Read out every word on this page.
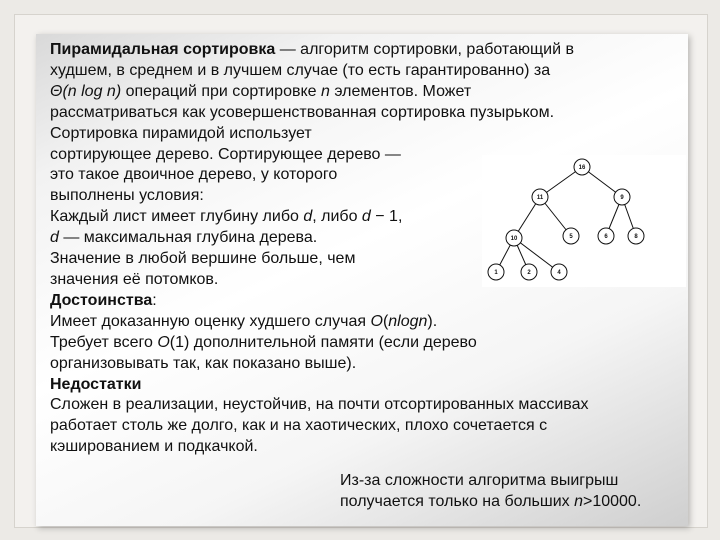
Пирамидальная сортировка — алгоритм сортировки, работающий в
худшем, в среднем и в лучшем случае (то есть гарантированно) за
Θ(n log n) операций при сортировке n элементов. Может
рассматриваться как усовершенствованная сортировка пузырьком.
Сортировка пирамидой использует
сортирующее дерево. Сортирующее дерево —
это такое двоичное дерево, у которого
выполнены условия:
Каждый лист имеет глубину либо d, либо d − 1,
d — максимальная глубина дерева.
Значение в любой вершине больше, чем
значения её потомков.
Достоинства:
Имеет доказанную оценку худшего случая O(nlogn).
Требует всего O(1) дополнительной памяти (если дерево
организовывать так, как показано выше).
Недостатки
Сложен в реализации, неустойчив, на почти отсортированных массивах
работает столь же долго, как и на хаотических, плохо сочетается с
кэшированием и подкачкой.
Из-за сложности алгоритма выигрыш
получается только на больших n>10000.
16
11	9
10	5	6	8
1	2	4
